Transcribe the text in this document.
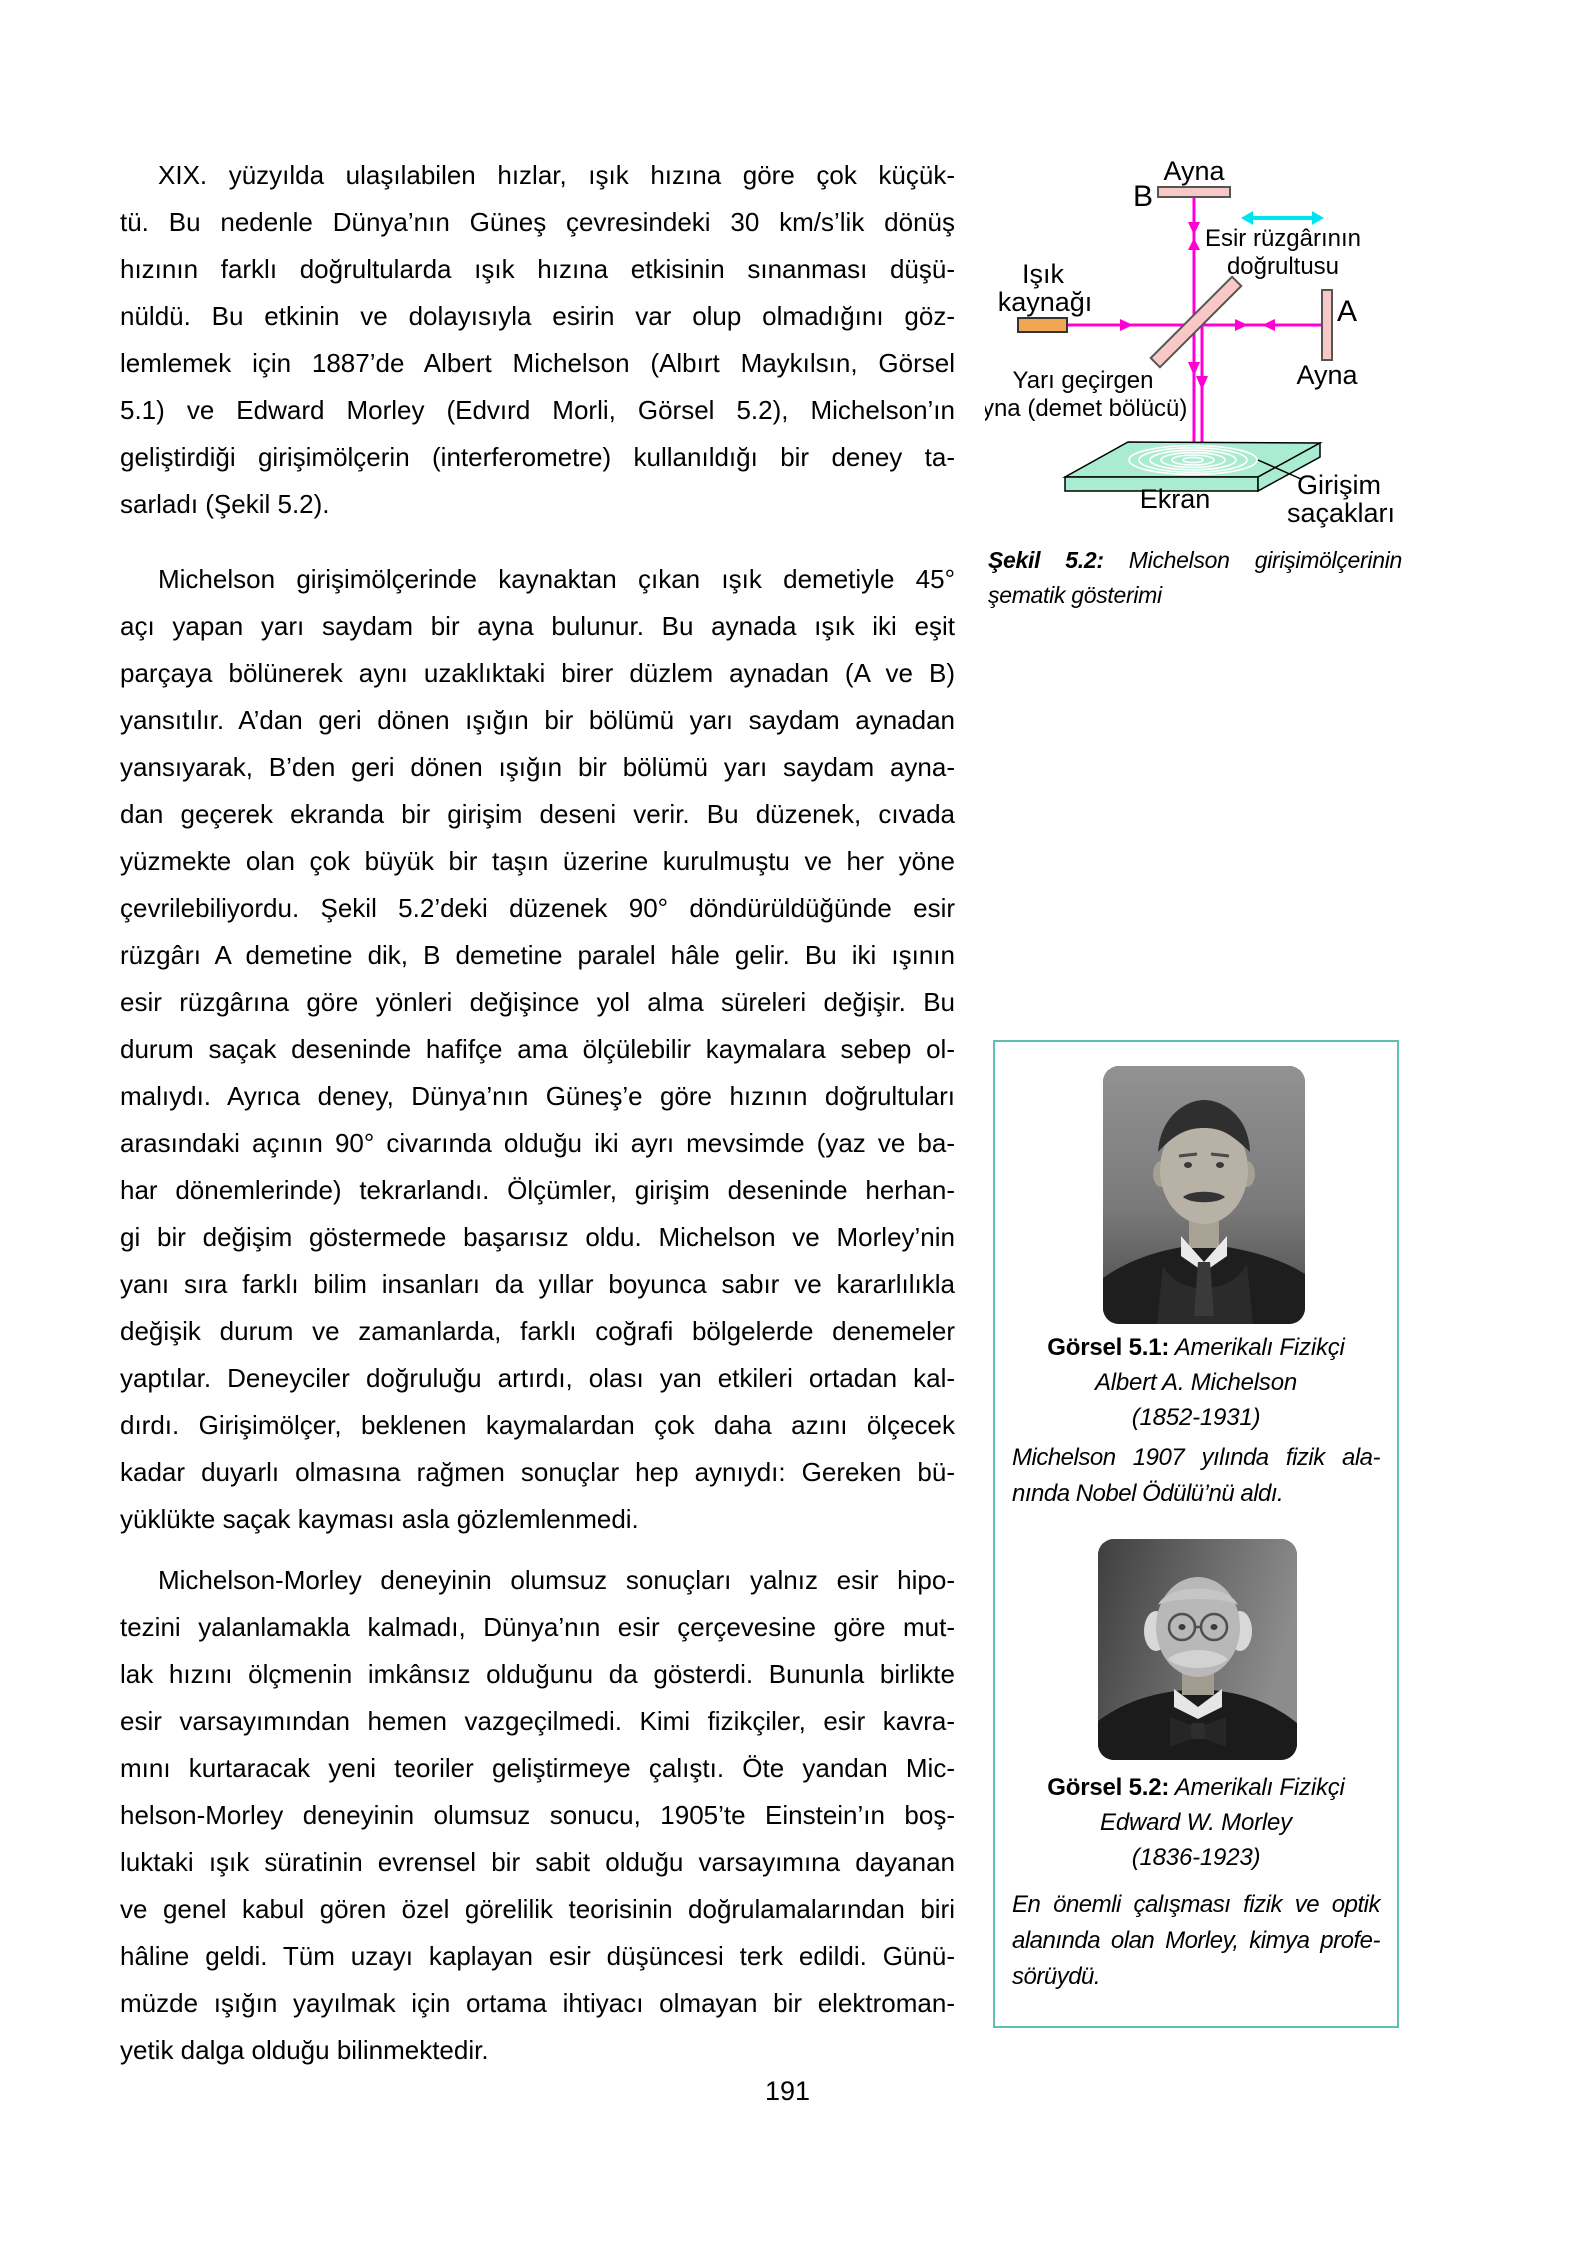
XIX. yüzyılda ulaşılabilen hızlar, ışık hızına göre çok küçük-
tü. Bu nedenle Dünya’nın Güneş çevresindeki 30 km/s’lik dönüş
hızının farklı doğrultularda ışık hızına etkisinin sınanması düşü-
nüldü. Bu etkinin ve dolayısıyla esirin var olup olmadığını göz-
lemlemek için 1887’de Albert Michelson (Albırt Maykılsın, Görsel
5.1) ve Edward Morley (Edvırd Morli, Görsel 5.2), Michelson’ın
geliştirdiği girişimölçerin (interferometre) kullanıldığı bir deney ta-
sarladı (Şekil 5.2).
Michelson girişimölçerinde kaynaktan çıkan ışık demetiyle 45°
açı yapan yarı saydam bir ayna bulunur. Bu aynada ışık iki eşit
parçaya bölünerek aynı uzaklıktaki birer düzlem aynadan (A ve B)
yansıtılır. A’dan geri dönen ışığın bir bölümü yarı saydam aynadan
yansıyarak, B’den geri dönen ışığın bir bölümü yarı saydam ayna-
dan geçerek ekranda bir girişim deseni verir. Bu düzenek, cıvada
yüzmekte olan çok büyük bir taşın üzerine kurulmuştu ve her yöne
çevrilebiliyordu. Şekil 5.2’deki düzenek 90° döndürüldüğünde esir
rüzgârı A demetine dik, B demetine paralel hâle gelir. Bu iki ışının
esir rüzgârına göre yönleri değişince yol alma süreleri değişir. Bu
durum saçak deseninde hafifçe ama ölçülebilir kaymalara sebep ol-
malıydı. Ayrıca deney, Dünya’nın Güneş’e göre hızının doğrultuları
arasındaki açının 90° civarında olduğu iki ayrı mevsimde (yaz ve ba-
har dönemlerinde) tekrarlandı. Ölçümler, girişim deseninde herhan-
gi bir değişim göstermede başarısız oldu. Michelson ve Morley’nin
yanı sıra farklı bilim insanları da yıllar boyunca sabır ve kararlılıkla
değişik durum ve zamanlarda, farklı coğrafi bölgelerde denemeler
yaptılar. Deneyciler doğruluğu artırdı, olası yan etkileri ortadan kal-
dırdı. Girişimölçer, beklenen kaymalardan çok daha azını ölçecek
kadar duyarlı olmasına rağmen sonuçlar hep aynıydı: Gereken bü-
yüklükte saçak kayması asla gözlemlenmedi.
Michelson-Morley deneyinin olumsuz sonuçları yalnız esir hipo-
tezini yalanlamakla kalmadı, Dünya’nın esir çerçevesine göre mut-
lak hızını ölçmenin imkânsız olduğunu da gösterdi. Bununla birlikte
esir varsayımından hemen vazgeçilmedi. Kimi fizikçiler, esir kavra-
mını kurtaracak yeni teoriler geliştirmeye çalıştı. Öte yandan Mic-
helson-Morley deneyinin olumsuz sonucu, 1905’te Einstein’ın boş-
luktaki ışık süratinin evrensel bir sabit olduğu varsayımına dayanan
ve genel kabul gören özel görelilik teorisinin doğrulamalarından biri
hâline geldi. Tüm uzayı kaplayan esir düşüncesi terk edildi. Günü-
müzde ışığın yayılmak için ortama ihtiyacı olmayan bir elektroman-
yetik dalga olduğu bilinmektedir.
Ayna
B
Esir rüzgârının
doğrultusu
Işık
kaynağı
Yarı geçirgen
ayna (demet bölücü)
A
Ayna
Ekran	Girişim
saçakları
Şekil 5.2: Michelson girişimölçerinin
şematik gösterimi
Görsel 5.1: Amerikalı Fizikçi
Albert A. Michelson
(1852-1931)
Michelson 1907 yılında fizik ala-
nında Nobel Ödülü’nü aldı.
Görsel 5.2: Amerikalı Fizikçi
Edward W. Morley
(1836-1923)
En önemli çalışması fizik ve optik
alanında olan Morley, kimya profe-
sörüydü.
191
